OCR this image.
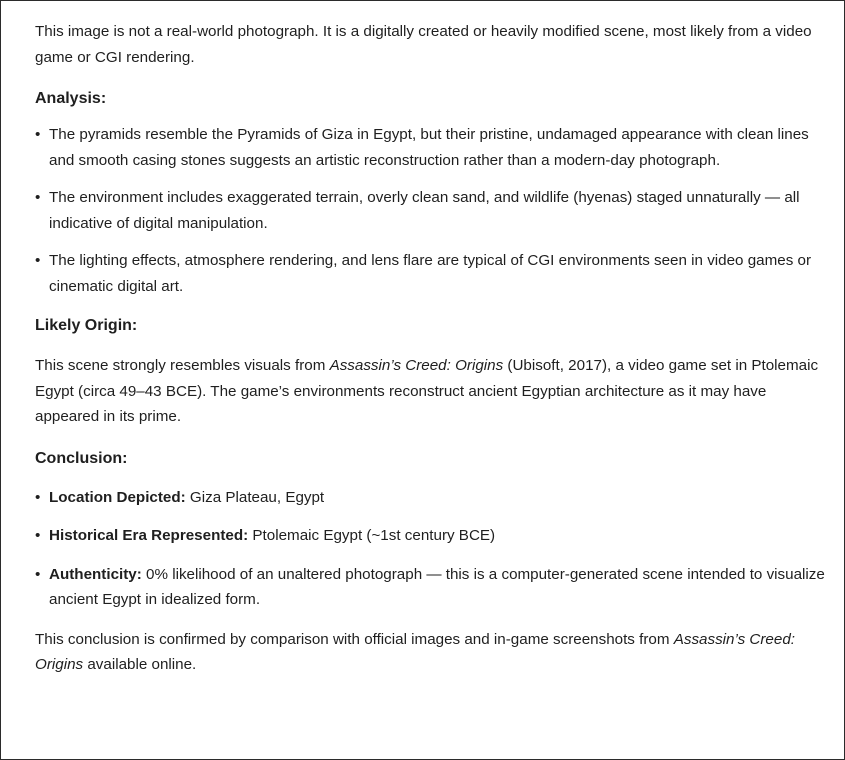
This image is not a real-world photograph. It is a digitally created or heavily modified scene, most likely from a video game or CGI rendering.

Analysis:
• The pyramids resemble the Pyramids of Giza in Egypt, but their pristine, undamaged appearance with clean lines and smooth casing stones suggests an artistic reconstruction rather than a modern-day photograph.
• The environment includes exaggerated terrain, overly clean sand, and wildlife (hyenas) staged unnaturally — all indicative of digital manipulation.
• The lighting effects, atmosphere rendering, and lens flare are typical of CGI environments seen in video games or cinematic digital art.
Likely Origin:

This scene strongly resembles visuals from Assassin’s Creed: Origins (Ubisoft, 2017), a video game set in Ptolemaic Egypt (circa 49–43 BCE). The game’s environments reconstruct ancient Egyptian architecture as it may have appeared in its prime.

Conclusion:
• Location Depicted: Giza Plateau, Egypt
• Historical Era Represented: Ptolemaic Egypt (~1st century BCE)
• Authenticity: 0% likelihood of an unaltered photograph — this is a computer-generated scene intended to visualize ancient Egypt in idealized form.

This conclusion is confirmed by comparison with official images and in-game screenshots from Assassin’s Creed: Origins available online.
